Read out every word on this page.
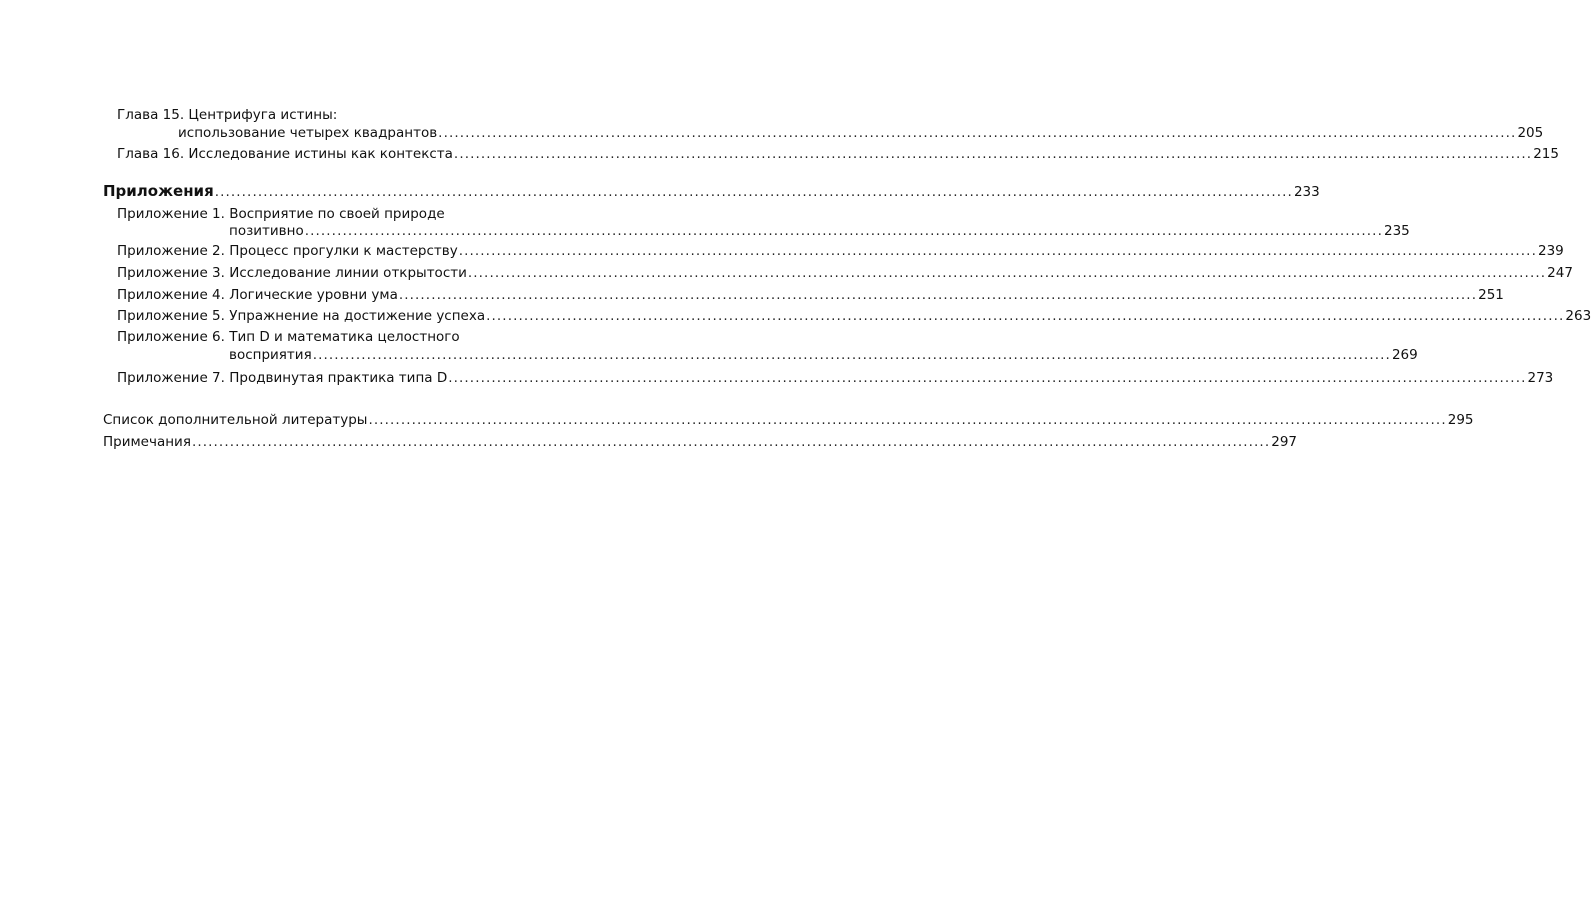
Глава 15. Центрифуга истины:
использование четырех квадрантов ........................................................................................................................................................................................................ 205
Глава 16. Исследование истины как контекста ........................................................................................................................................................................................................ 215
Приложения ........................................................................................................................................................................................................ 233
Приложение 1. Восприятие по своей природе
позитивно ........................................................................................................................................................................................................ 235
Приложение 2. Процесс прогулки к мастерству ........................................................................................................................................................................................................ 239
Приложение 3. Исследование линии открытости ........................................................................................................................................................................................................ 247
Приложение 4. Логические уровни ума ........................................................................................................................................................................................................ 251
Приложение 5. Упражнение на достижение успеха ........................................................................................................................................................................................................ 263
Приложение 6. Тип D и математика целостного
восприятия ........................................................................................................................................................................................................ 269
Приложение 7. Продвинутая практика типа D ........................................................................................................................................................................................................ 273
Список дополнительной литературы ........................................................................................................................................................................................................ 295
Примечания ........................................................................................................................................................................................................ 297
